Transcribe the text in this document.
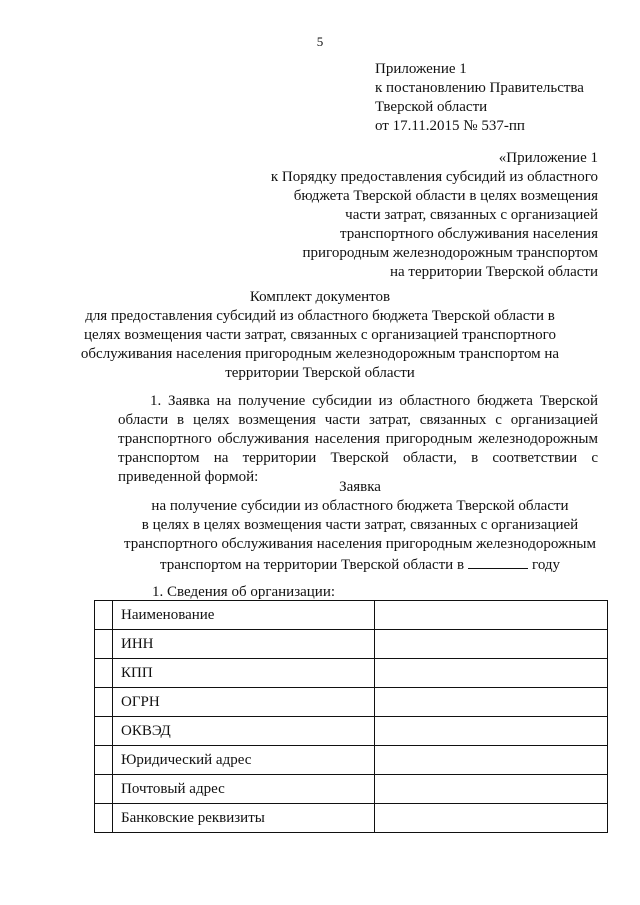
5
Приложение 1
к постановлению Правительства
Тверской области
от 17.11.2015 № 537-пп
«Приложение 1
к Порядку предоставления субсидий из областного
бюджета Тверской области в целях возмещения
части затрат, связанных с организацией
транспортного обслуживания населения
пригородным железнодорожным транспортом
на территории Тверской области
Комплект документов
для предоставления субсидий из областного бюджета Тверской области в
целях возмещения части затрат, связанных с организацией транспортного
обслуживания населения пригородным железнодорожным транспортом на
территории Тверской области

1. Заявка на получение субсидии из областного бюджета Тверской области в целях возмещения части затрат, связанных с организацией транспортного обслуживания населения пригородным железнодорожным транспортом на территории Тверской области, в соответствии с приведенной формой:

Заявка
на получение субсидии из областного бюджета Тверской области
в целях в целях возмещения части затрат, связанных с организацией
транспортного обслуживания населения пригородным железнодорожным
транспортом на территории Тверской области в	году
1. Сведения об организации:
	Наименование	
	ИНН	
	КПП	
	ОГРН	
	ОКВЭД	
	Юридический адрес	
	Почтовый адрес	
	Банковские реквизиты	
